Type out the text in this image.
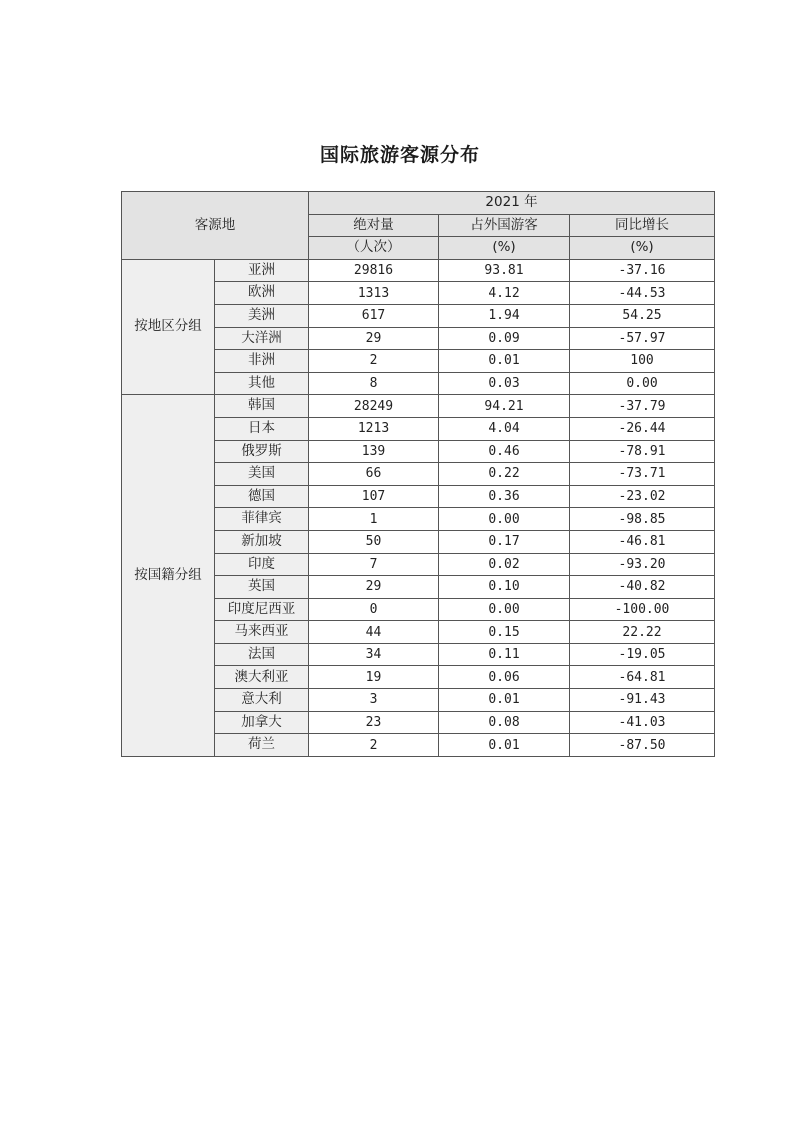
国际旅游客源分布
客源地		2021 年		
		绝对量	占外国游客	同比增长
		（人次）	(%)	(%)
按地区分组	亚洲	29816	93.81	-37.16
	欧洲	1313	4.12	-44.53
	美洲	617	1.94	54.25
	大洋洲	29	0.09	-57.97
	非洲	2	0.01	100
	其他	8	0.03	0.00
按国籍分组	韩国	28249	94.21	-37.79
	日本	1213	4.04	-26.44
	俄罗斯	139	0.46	-78.91
	美国	66	0.22	-73.71
	德国	107	0.36	-23.02
	菲律宾	1	0.00	-98.85
	新加坡	50	0.17	-46.81
	印度	7	0.02	-93.20
	英国	29	0.10	-40.82
	印度尼西亚	0	0.00	-100.00
	马来西亚	44	0.15	22.22
	法国	34	0.11	-19.05
	澳大利亚	19	0.06	-64.81
	意大利	3	0.01	-91.43
	加拿大	23	0.08	-41.03
	荷兰	2	0.01	-87.50
